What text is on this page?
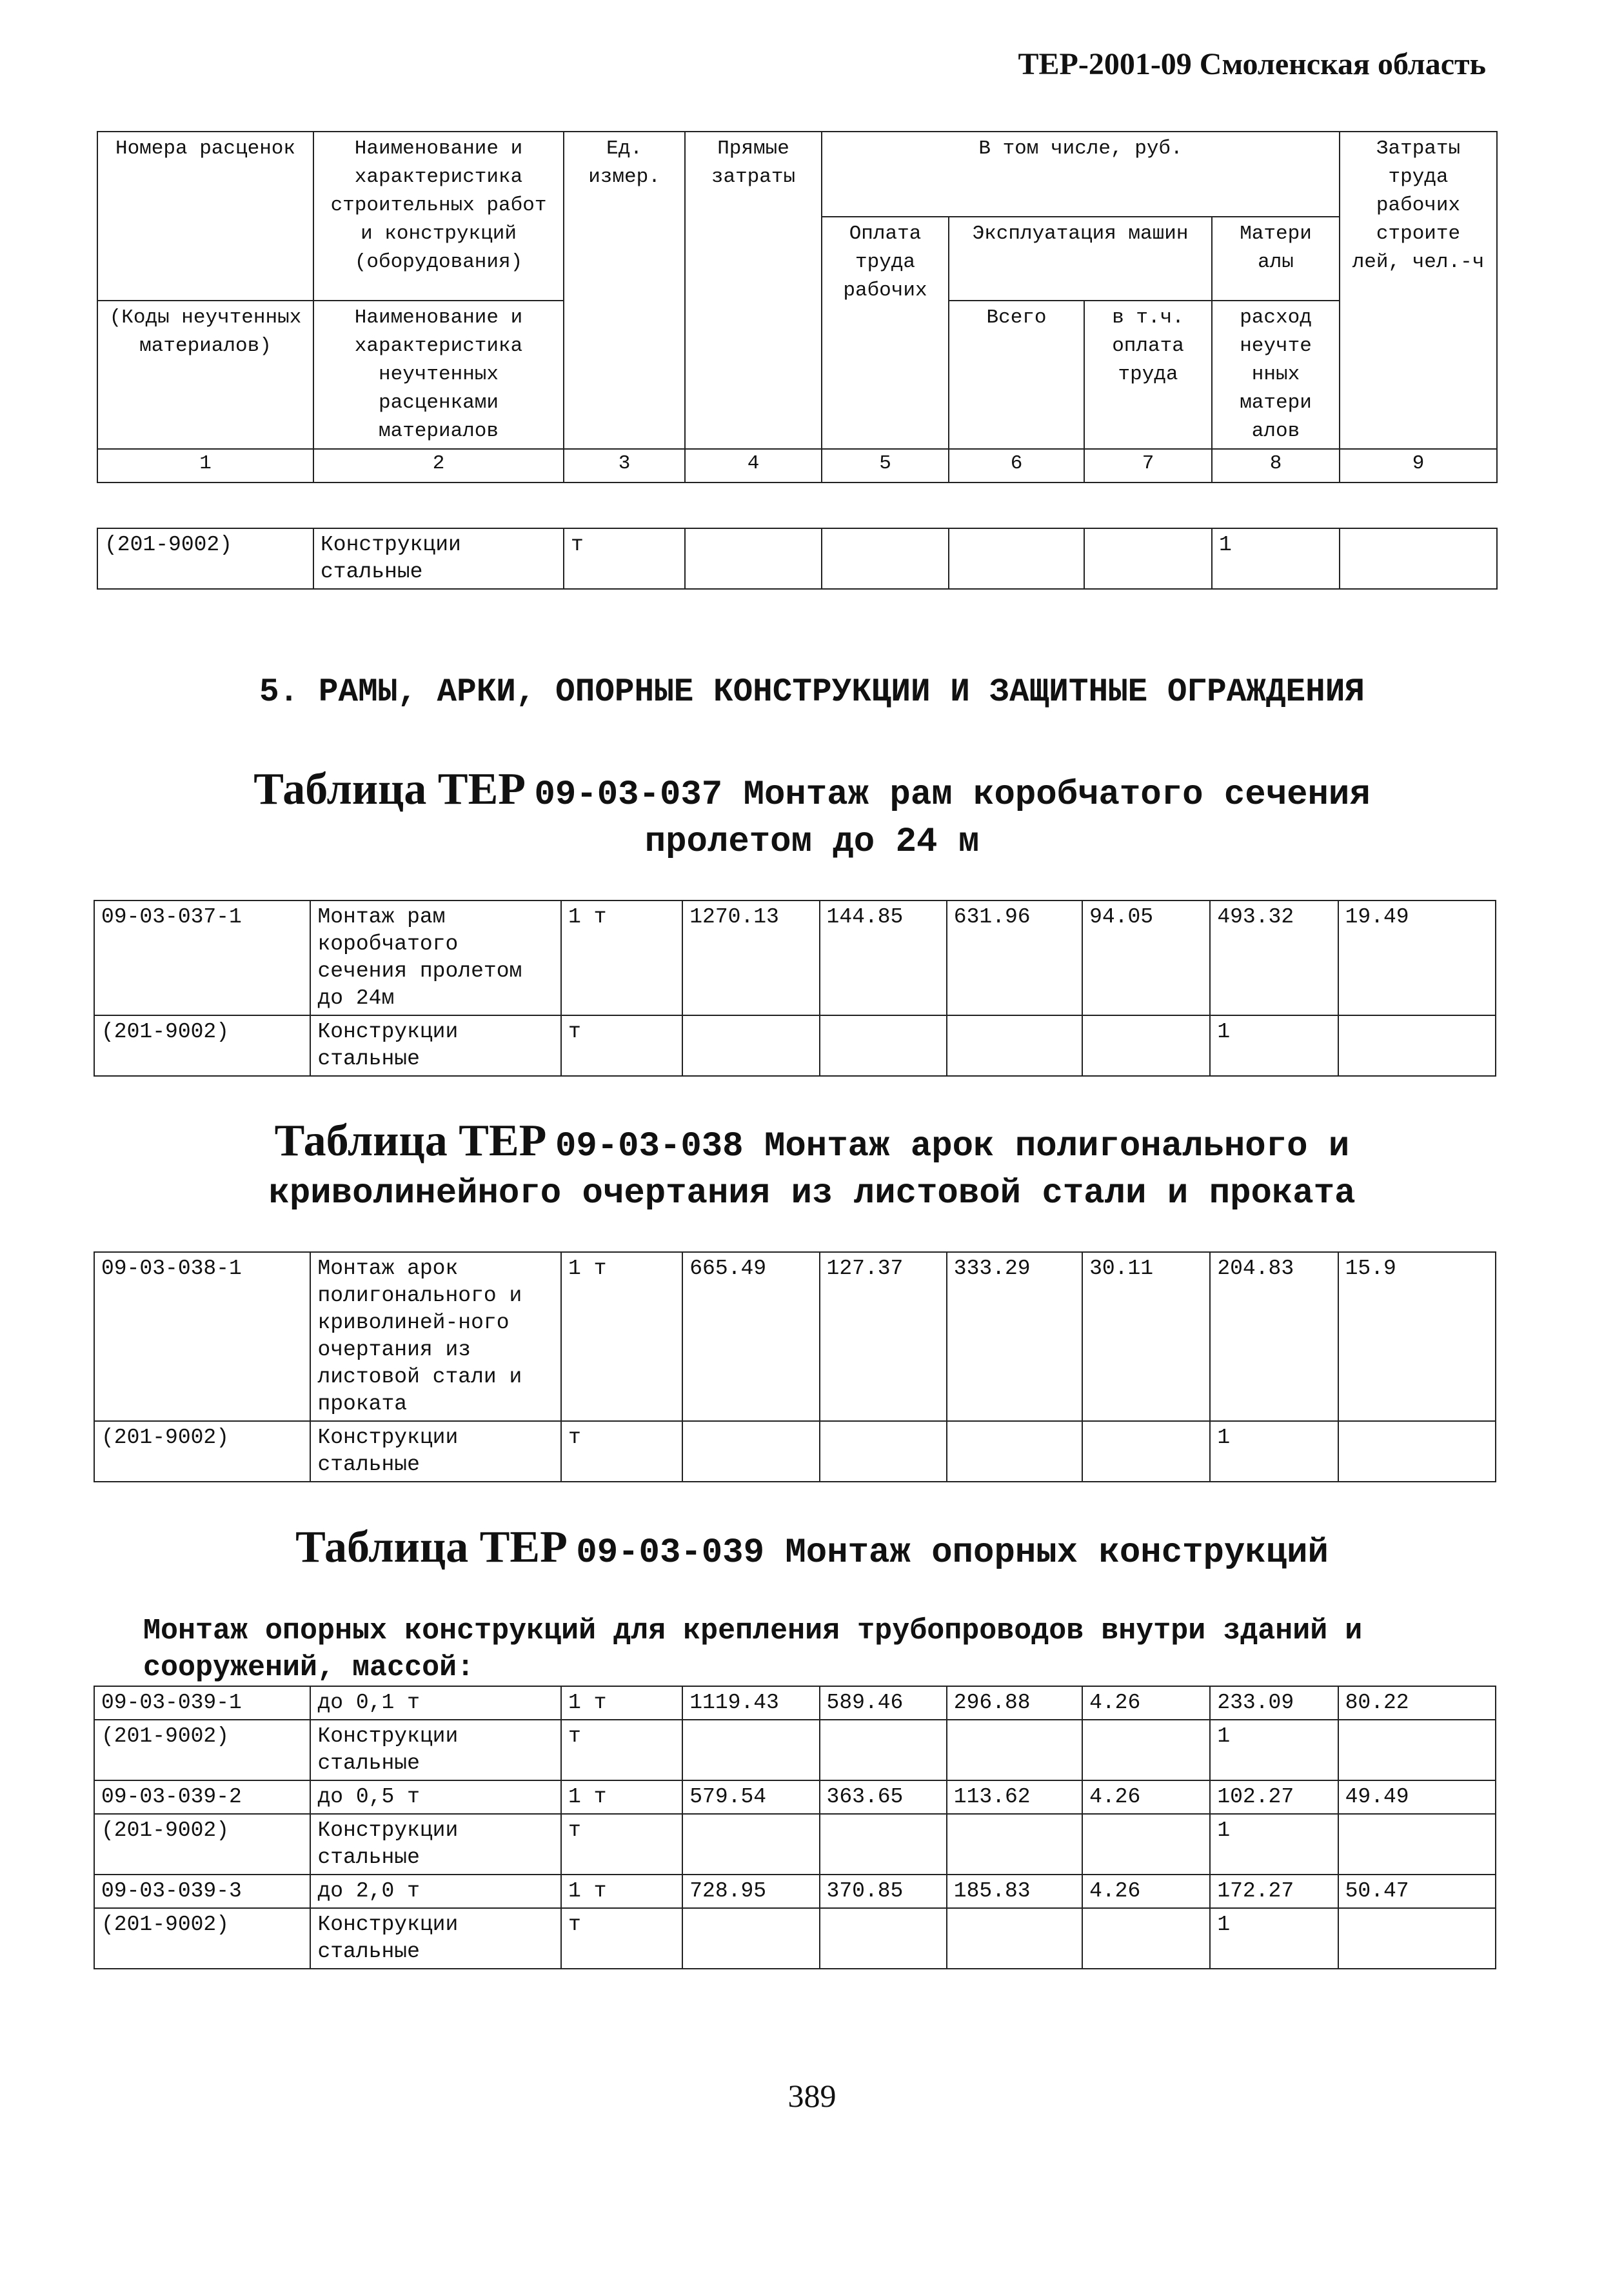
ТЕР-2001-09 Смоленская область
Номера расценок	Наименование и характеристика строительных работ и конструкций (оборудования)	Ед. измер.	Прямые затраты	В том числе, руб.				Затраты труда рабочих строите лей, чел.-ч
				Оплата труда рабочих	Эксплуатация машин		Матери алы	
(Коды неучтенных материалов)	Наименование и характеристика неучтенных расценками материалов				Всего	в т.ч. оплата труда	расход неучте нных матери алов	

1	2	3	4	5	6	7	8	9
(201-9002)	Конструкции стальные	т					1	
5. РАМЫ, АРКИ, ОПОРНЫЕ КОНСТРУКЦИИ И ЗАЩИТНЫЕ ОГРАЖДЕНИЯ
Таблица ТЕР 09-03-037 Монтаж рам коробчатого сечения
пролетом до 24 м
09-03-037-1	Монтаж рам коробчатого сечения пролетом до 24м	1 т	1270.13	144.85	631.96	94.05	493.32	19.49
(201-9002)	Конструкции стальные	т					1	
Таблица ТЕР 09-03-038 Монтаж арок полигонального и
криволинейного очертания из листовой стали и проката
09-03-038-1	Монтаж арок полигонального и криволиней-ного очертания из листовой стали и проката	1 т	665.49	127.37	333.29	30.11	204.83	15.9
(201-9002)	Конструкции стальные	т					1	
Таблица ТЕР 09-03-039 Монтаж опорных конструкций
Монтаж опорных конструкций для крепления трубопроводов внутри зданий и сооружений, массой:
09-03-039-1	до 0,1 т	1 т	1119.43	589.46	296.88	4.26	233.09	80.22
(201-9002)	Конструкции стальные	т					1	
09-03-039-2	до 0,5 т	1 т	579.54	363.65	113.62	4.26	102.27	49.49
(201-9002)	Конструкции стальные	т					1	
09-03-039-3	до 2,0 т	1 т	728.95	370.85	185.83	4.26	172.27	50.47
(201-9002)	Конструкции стальные	т					1	
389
